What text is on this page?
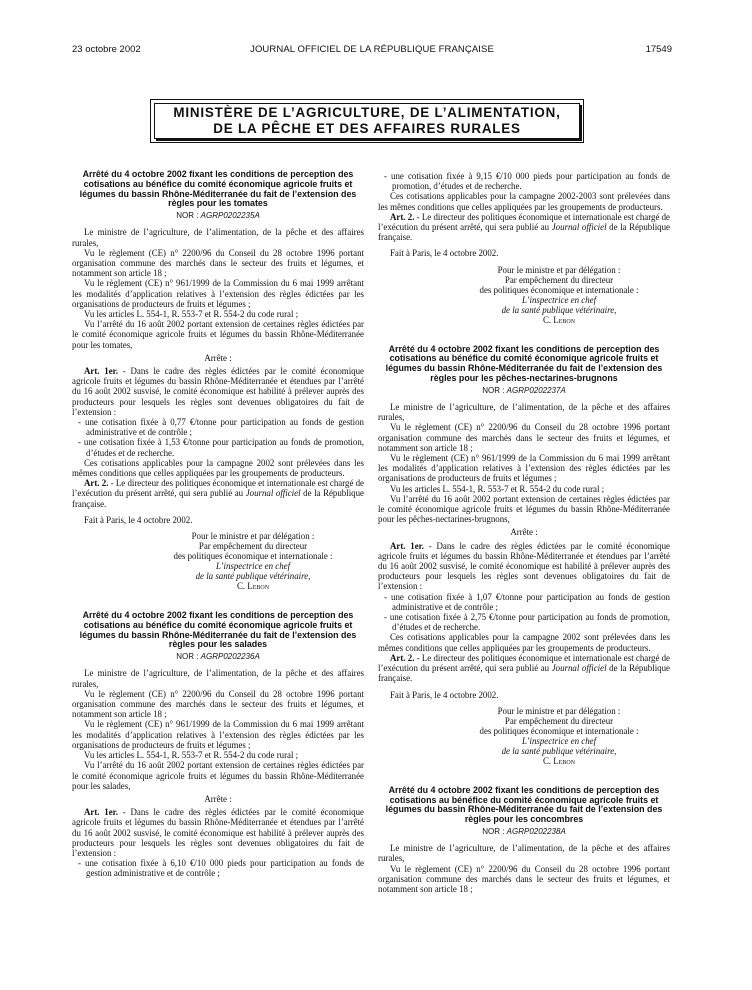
23 octobre 2002	JOURNAL OFFICIEL DE LA RÉPUBLIQUE FRANÇAISE	17549
MINISTÈRE DE L’AGRICULTURE, DE L’ALIMENTATION,
DE LA PÊCHE ET DES AFFAIRES RURALES
Arrêté du 4 octobre 2002 fixant les conditions de perception des cotisations au bénéfice du comité économique agricole fruits et légumes du bassin Rhône-Méditerranée du fait de l’extension des règles pour les tomates
NOR : AGRP0202235A

Le ministre de l’agriculture, de l’alimentation, de la pêche et des affaires rurales,

Vu le règlement (CE) n° 2200/96 du Conseil du 28 octobre 1996 portant organisation commune des marchés dans le secteur des fruits et légumes, et notamment son article 18 ;

Vu le règlement (CE) n° 961/1999 de la Commission du 6 mai 1999 arrêtant les modalités d’application relatives à l’extension des règles édictées par les organisations de producteurs de fruits et légumes ;

Vu les articles L. 554-1, R. 553-7 et R. 554-2 du code rural ;

Vu l’arrêté du 16 août 2002 portant extension de certaines règles édictées par le comité économique agricole fruits et légumes du bassin Rhône-Méditerranée pour les tomates,

Arrête :

Art. 1er. - Dans le cadre des règles édictées par le comité économique agricole fruits et légumes du bassin Rhône-Méditerranée et étendues par l’arrêté du 16 août 2002 susvisé, le comité économique est habilité à prélever auprès des producteurs pour lesquels les règles sont devenues obligatoires du fait de l’extension :

- une cotisation fixée à 0,77 €/tonne pour participation au fonds de gestion administrative et de contrôle ;

- une cotisation fixée à 1,53 €/tonne pour participation au fonds de promotion, d’études et de recherche.

Ces cotisations applicables pour la campagne 2002 sont prélevées dans les mêmes conditions que celles appliquées par les groupements de producteurs.

Art. 2. - Le directeur des politiques économique et internationale est chargé de l’exécution du présent arrêté, qui sera publié au Journal officiel de la République française.

Fait à Paris, le 4 octobre 2002.

Pour le ministre et par délégation :
Par empêchement du directeur
des politiques économique et internationale :
L’inspectrice en chef
de la santé publique vétérinaire,
C. Lebon
Arrêté du 4 octobre 2002 fixant les conditions de perception des cotisations au bénéfice du comité économique agricole fruits et légumes du bassin Rhône-Méditerranée du fait de l’extension des règles pour les salades
NOR : AGRP0202236A

Le ministre de l’agriculture, de l’alimentation, de la pêche et des affaires rurales,

Vu le règlement (CE) n° 2200/96 du Conseil du 28 octobre 1996 portant organisation commune des marchés dans le secteur des fruits et légumes, et notamment son article 18 ;

Vu le règlement (CE) n° 961/1999 de la Commission du 6 mai 1999 arrêtant les modalités d’application relatives à l’extension des règles édictées par les organisations de producteurs de fruits et légumes ;

Vu les articles L. 554-1, R. 553-7 et R. 554-2 du code rural ;

Vu l’arrêté du 16 août 2002 portant extension de certaines règles édictées par le comité économique agricole fruits et légumes du bassin Rhône-Méditerranée pour les salades,

Arrête :

Art. 1er. - Dans le cadre des règles édictées par le comité économique agricole fruits et légumes du bassin Rhône-Méditerranée et étendues par l’arrêté du 16 août 2002 susvisé, le comité économique est habilité à prélever auprès des producteurs pour lesquels les règles sont devenues obligatoires du fait de l’extension :

- une cotisation fixée à 6,10 €/10 000 pieds pour participation au fonds de gestion administrative et de contrôle ;

- une cotisation fixée à 9,15 €/10 000 pieds pour participation au fonds de promotion, d’études et de recherche.

Ces cotisations applicables pour la campagne 2002-2003 sont prélevées dans les mêmes conditions que celles appliquées par les groupements de producteurs.

Art. 2. - Le directeur des politiques économique et internationale est chargé de l’exécution du présent arrêté, qui sera publié au Journal officiel de la République française.

Fait à Paris, le 4 octobre 2002.

Pour le ministre et par délégation :
Par empêchement du directeur
des politiques économique et internationale :
L’inspectrice en chef
de la santé publique vétérinaire,
C. Lebon
Arrêté du 4 octobre 2002 fixant les conditions de perception des cotisations au bénéfice du comité économique agricole fruits et légumes du bassin Rhône-Méditerranée du fait de l’extension des règles pour les pêches-nectarines-brugnons
NOR : AGRP0202237A

Le ministre de l’agriculture, de l’alimentation, de la pêche et des affaires rurales,

Vu le règlement (CE) n° 2200/96 du Conseil du 28 octobre 1996 portant organisation commune des marchés dans le secteur des fruits et légumes, et notamment son article 18 ;

Vu le règlement (CE) n° 961/1999 de la Commission du 6 mai 1999 arrêtant les modalités d’application relatives à l’extension des règles édictées par les organisations de producteurs de fruits et légumes ;

Vu les articles L. 554-1, R. 553-7 et R. 554-2 du code rural ;

Vu l’arrêté du 16 août 2002 portant extension de certaines règles édictées par le comité économique agricole fruits et légumes du bassin Rhône-Méditerranée pour les pêches-nectarines-brugnons,

Arrête :

Art. 1er. - Dans le cadre des règles édictées par le comité économique agricole fruits et légumes du bassin Rhône-Méditerranée et étendues par l’arrêté du 16 août 2002 susvisé, le comité économique est habilité à prélever auprès des producteurs pour lesquels les règles sont devenues obligatoires du fait de l’extension :

- une cotisation fixée à 1,07 €/tonne pour participation au fonds de gestion administrative et de contrôle ;

- une cotisation fixée à 2,75 €/tonne pour participation au fonds de promotion, d’études et de recherche.

Ces cotisations applicables pour la campagne 2002 sont prélevées dans les mêmes conditions que celles appliquées par les groupements de producteurs.

Art. 2. - Le directeur des politiques économique et internationale est chargé de l’exécution du présent arrêté, qui sera publié au Journal officiel de la République française.

Fait à Paris, le 4 octobre 2002.

Pour le ministre et par délégation :
Par empêchement du directeur
des politiques économique et internationale :
L’inspectrice en chef
de la santé publique vétérinaire,
C. Lebon
Arrêté du 4 octobre 2002 fixant les conditions de perception des cotisations au bénéfice du comité économique agricole fruits et légumes du bassin Rhône-Méditerranée du fait de l’extension des règles pour les concombres
NOR : AGRP0202238A

Le ministre de l’agriculture, de l’alimentation, de la pêche et des affaires rurales,

Vu le règlement (CE) n° 2200/96 du Conseil du 28 octobre 1996 portant organisation commune des marchés dans le secteur des fruits et légumes, et notamment son article 18 ;
